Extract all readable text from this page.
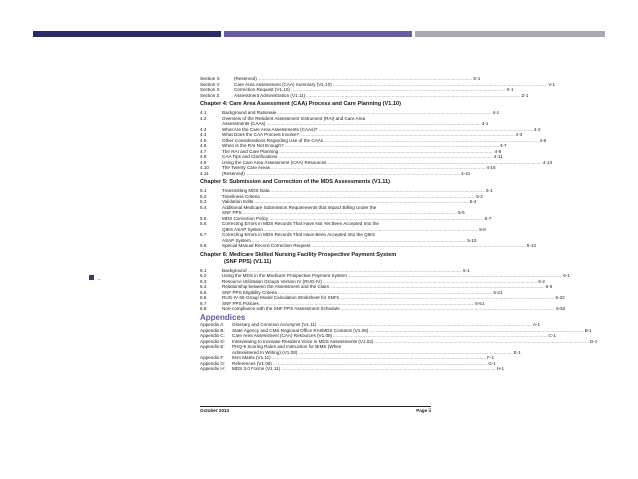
.
Section S	(Reserved) .....	S-1
Section V	Care Area Assessment (CAA) Summary (V1.10) .....	V-1
Section X	Correction Request (V1.10) .....	X-1
Section Z	Assessment Administration (V1.11) .....	Z-1
Chapter 4: Care Area Assessment (CAA) Process and Care Planning (V1.10)
4.1	Background and Rationale .....	4-1
4.2	Overview of the Resident Assessment Instrument (RAI) and Care Area
Assessments (CAAs) .....	4-1
4.3	What Are the Care Area Assessments (CAAs)? .....	4-2
4.4	What Does the CAA Process Involve? .....	4-3
4.5	Other Considerations Regarding Use of the CAAs .....	4-6
4.6	When Is the RAI Not Enough? .....	4-7
4.7	The RAI and Care Planning .....	4-8
4.8	CAA Tips and Clarifications .....	4-11
4.9	Using the Care Area Assessment (CAA) Resources .....	4-13
4.10	The Twenty Care Areas .....	4-16
4.11	(Reserved) .....	4-41
Chapter 5: Submission and Correction of the MDS Assessments (V1.11)
5.1	Transmitting MDS Data .....	5-1
5.2	Timeliness Criteria .....	5-2
5.3	Validation Edits .....	5-4
5.4	Additional Medicare Submission Requirements that Impact Billing Under the
SNF PPS .....	5-5
5.5	MDS Correction Policy .....	5-7
5.6	Correcting Errors in MDS Records That Have Not Yet Been Accepted Into the
QIES ASAP System .....	5-8
5.7	Correcting Errors in MDS Records That Have Been Accepted Into the QIES
ASAP System .....	5-10
5.8	Special Manual Record Correction Request .....	5-13
Chapter 6: Medicare Skilled Nursing Facility Prospective Payment System
(SNF PPS) (V1.11)
6.1	Background .....	6-1
6.2	Using the MDS in the Medicare Prospective Payment System .....	6-1
6.3	Resource Utilization Groups Version IV (RUG-IV) .....	6-2
6.4	Relationship between the Assessment and the Claim .....	6-5
6.5	SNF PPS Eligibility Criteria .....	6-21
6.6	RUG-IV 66-Group Model Calculation Worksheet for SNFs .....	6-22
6.7	SNF PPS Policies .....	6-51
6.8	Non-compliance with the SNF PPS Assessment Schedule .....	6-52
Appendices
Appendix A:	Glossary and Common Acronyms (V1.11) .....	A-1
Appendix B:	State Agency and CMS Regional Office RAI/MDS Contacts (V1.08) .....	B-1
Appendix C:	Care Area Assessment (CAA) Resources (V1.08) .....	C-1
Appendix D:	Interviewing to Increase Resident Voice in MDS Assessments (V1.02) .....	D-1
Appendix E:	PHQ-9 Scoring Rules and Instruction for BIMS (When
Administered In Writing) (V1.08) .....	E-1
Appendix F:	Item Matrix (V1.11) .....	F-1
Appendix G:	References (V1.08) .....	G-1
Appendix H:	MDS 3.0 Forms (V1.11) .....	H-1
October 2013	Page ii
